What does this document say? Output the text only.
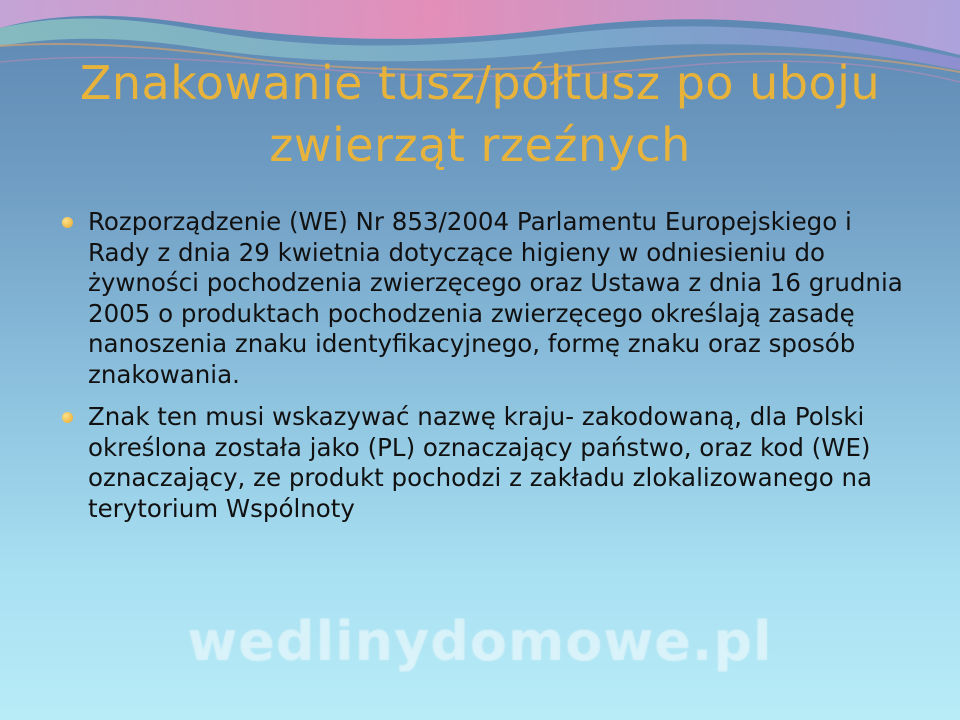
Znakowanie tusz/półtusz po uboju zwierząt rzeźnych
Rozporządzenie (WE) Nr 853/2004 Parlamentu Europejskiego i Rady z dnia 29 kwietnia dotyczące higieny w odniesieniu do żywności pochodzenia zwierzęcego oraz Ustawa z dnia 16 grudnia 2005 o produktach pochodzenia zwierzęcego określają zasadę nanoszenia znaku identyfikacyjnego, formę znaku oraz sposób znakowania.
Znak ten musi wskazywać nazwę kraju- zakodowaną, dla Polski określona została jako (PL) oznaczający państwo, oraz kod (WE) oznaczający, ze produkt pochodzi z zakładu zlokalizowanego na terytorium Wspólnoty
wedlinydomowe.pl
